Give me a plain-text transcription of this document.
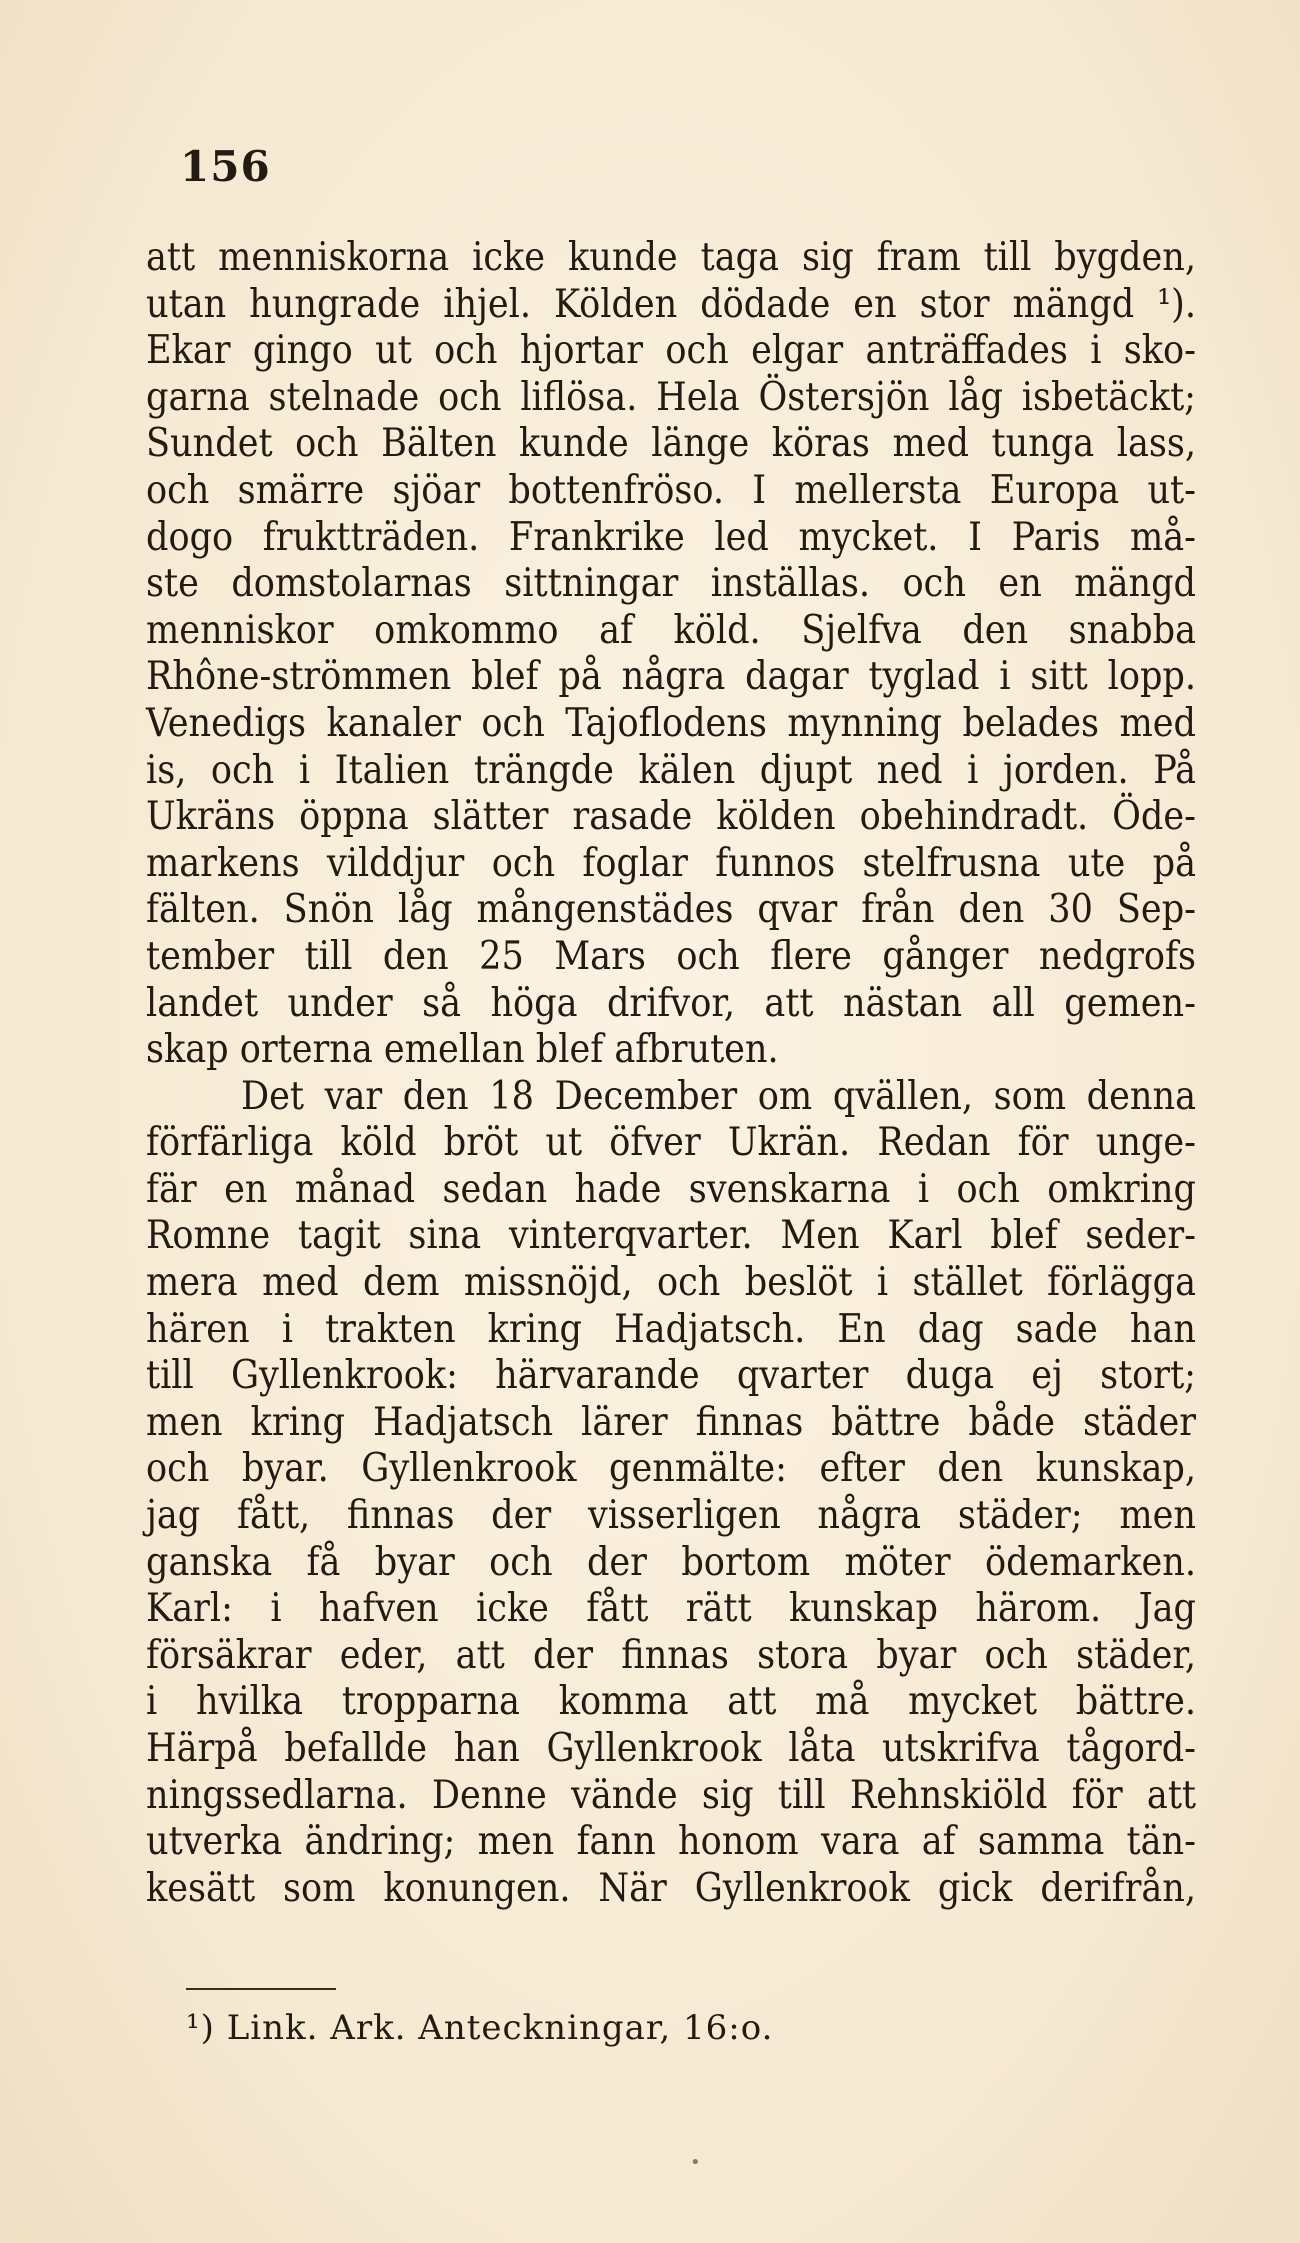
156
att menniskorna icke kunde taga sig fram till bygden,
utan hungrade ihjel. Kölden dödade en stor mängd ¹).
Ekar gingo ut och hjortar och elgar anträffades i sko-
garna stelnade och liflösa. Hela Östersjön låg isbetäckt;
Sundet och Bälten kunde länge köras med tunga lass,
och smärre sjöar bottenfröso. I mellersta Europa ut-
dogo fruktträden. Frankrike led mycket. I Paris må-
ste domstolarnas sittningar inställas. och en mängd
menniskor omkommo af köld. Sjelfva den snabba
Rhône-strömmen blef på några dagar tyglad i sitt lopp.
Venedigs kanaler och Tajoflodens mynning belades med
is, och i Italien trängde kälen djupt ned i jorden. På
Ukräns öppna slätter rasade kölden obehindradt. Öde-
markens vilddjur och foglar funnos stelfrusna ute på
fälten. Snön låg mångenstädes qvar från den 30 Sep-
tember till den 25 Mars och flere gånger nedgrofs
landet under så höga drifvor, att nästan all gemen-
skap orterna emellan blef afbruten.
Det var den 18 December om qvällen, som denna
förfärliga köld bröt ut öfver Ukrän. Redan för unge-
fär en månad sedan hade svenskarna i och omkring
Romne tagit sina vinterqvarter. Men Karl blef seder-
mera med dem missnöjd, och beslöt i stället förlägga
hären i trakten kring Hadjatsch. En dag sade han
till Gyllenkrook: härvarande qvarter duga ej stort;
men kring Hadjatsch lärer finnas bättre både städer
och byar. Gyllenkrook genmälte: efter den kunskap,
jag fått, finnas der visserligen några städer; men
ganska få byar och der bortom möter ödemarken.
Karl: i hafven icke fått rätt kunskap härom. Jag
försäkrar eder, att der finnas stora byar och städer,
i hvilka tropparna komma att må mycket bättre.
Härpå befallde han Gyllenkrook låta utskrifva tågord-
ningssedlarna. Denne vände sig till Rehnskiöld för att
utverka ändring; men fann honom vara af samma tän-
kesätt som konungen. När Gyllenkrook gick derifrån,
¹) Link. Ark. Anteckningar, 16:o.
•
